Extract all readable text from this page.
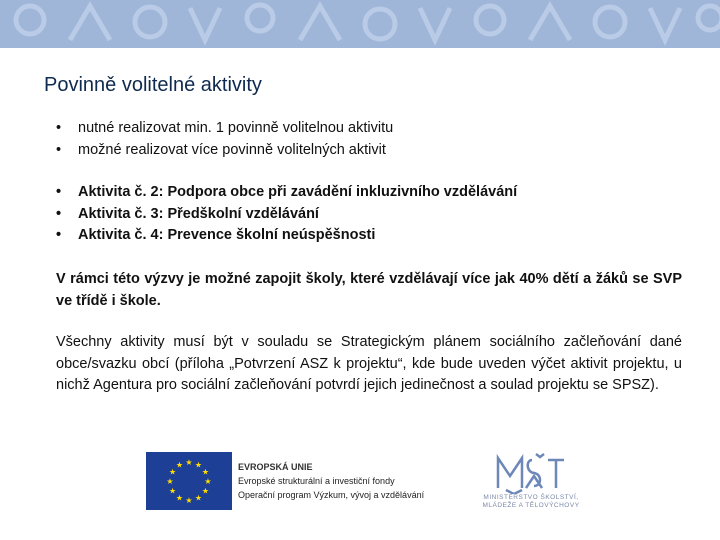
Povinně volitelné aktivity
• nutné realizovat min. 1 povinně volitelnou aktivitu
• možné realizovat více povinně volitelných aktivit
• Aktivita č. 2: Podpora obce při zavádění inkluzivního vzdělávání
• Aktivita č. 3: Předškolní vzdělávání
• Aktivita č. 4: Prevence školní neúspěšnosti
V rámci této výzvy je možné zapojit školy, které vzdělávají více jak 40% dětí a žáků se SVP ve třídě i škole.
Všechny aktivity musí být v souladu se Strategickým plánem sociálního začleňování dané obce/svazku obcí (příloha „Potvrzení ASZ k projektu“, kde bude uveden výčet aktivit projektu, u nichž Agentura pro sociální začleňování potvrdí jejich jedinečnost a soulad projektu se SPSZ).
★ ★
★
★
★
★
★
★
★
★
★
★	EVROPSKÁ UNIE
Evropské strukturální a investiční fondy
Operační program Výzkum, vývoj a vzdělávání	MINISTERSTVO ŠKOLSTVÍ,
MLÁDEŽE A TĚLOVÝCHOVY
